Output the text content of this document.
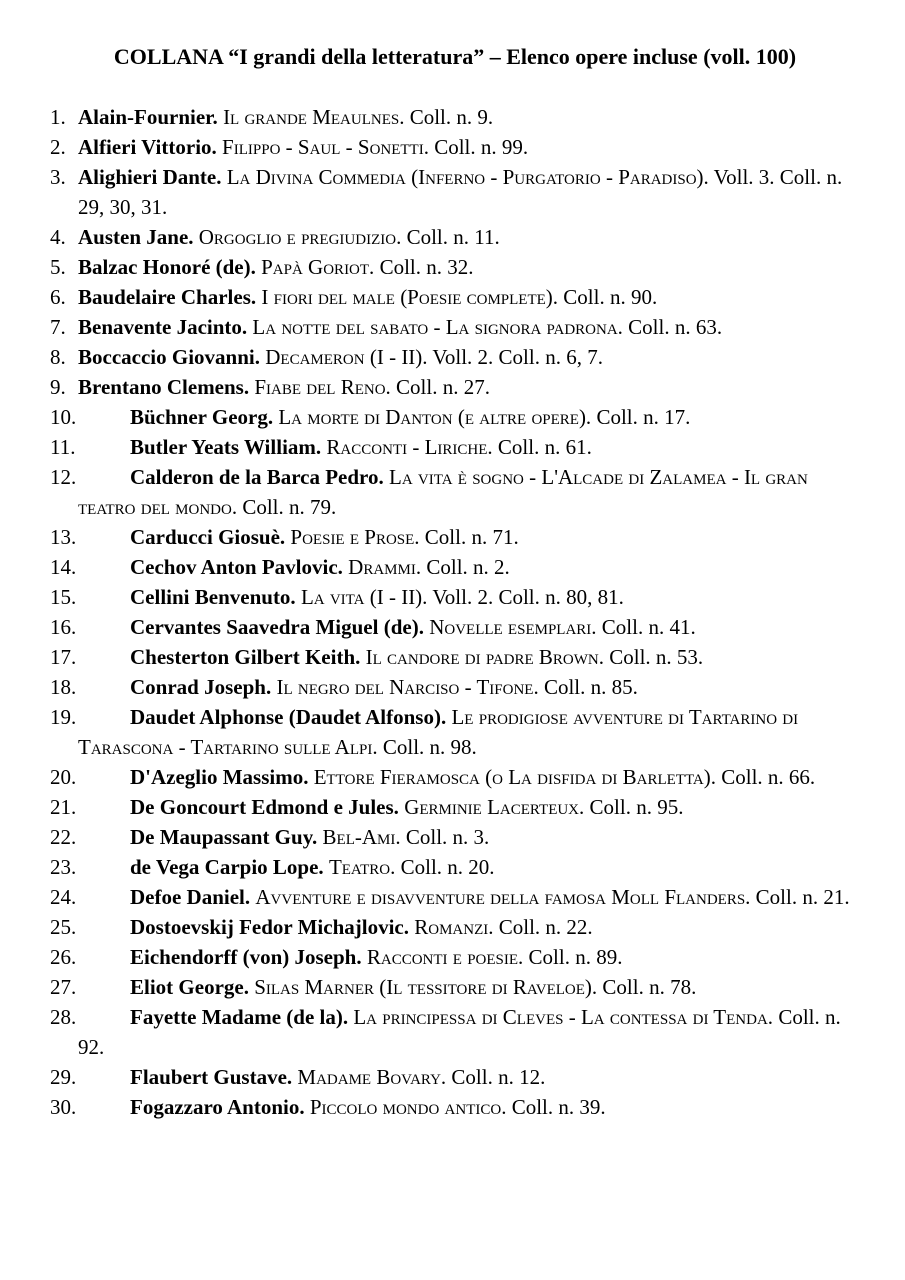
COLLANA “I grandi della letteratura” – Elenco opere incluse (voll. 100)
1. Alain-Fournier. Il grande Meaulnes. Coll. n. 9.
2. Alfieri Vittorio. Filippo - Saul - Sonetti. Coll. n. 99.
3. Alighieri Dante. La Divina Commedia (Inferno - Purgatorio - Paradiso). Voll. 3. Coll. n. 29, 30, 31.
4. Austen Jane. Orgoglio e pregiudizio. Coll. n. 11.
5. Balzac Honoré (de). Papà Goriot. Coll. n. 32.
6. Baudelaire Charles. I fiori del male (Poesie complete). Coll. n. 90.
7. Benavente Jacinto. La notte del sabato - La signora padrona. Coll. n. 63.
8. Boccaccio Giovanni. Decameron (I - II). Voll. 2. Coll. n. 6, 7.
9. Brentano Clemens. Fiabe del Reno. Coll. n. 27.
10.	Büchner Georg. La morte di Danton (e altre opere). Coll. n. 17.
11.	Butler Yeats William. Racconti - Liriche. Coll. n. 61.
12.	Calderon de la Barca Pedro. La vita è sogno - L'Alcade di Zalamea - Il gran teatro del mondo. Coll. n. 79.
13.	Carducci Giosuè. Poesie e Prose. Coll. n. 71.
14.	Cechov Anton Pavlovic. Drammi. Coll. n. 2.
15.	Cellini Benvenuto. La vita (I - II). Voll. 2. Coll. n. 80, 81.
16.	Cervantes Saavedra Miguel (de). Novelle esemplari. Coll. n. 41.
17.	Chesterton Gilbert Keith. Il candore di padre Brown. Coll. n. 53.
18.	Conrad Joseph. Il negro del Narciso - Tifone. Coll. n. 85.
19.	Daudet Alphonse (Daudet Alfonso). Le prodigiose avventure di Tartarino di Tarascona - Tartarino sulle Alpi. Coll. n. 98.
20.	D'Azeglio Massimo. Ettore Fieramosca (o La disfida di Barletta). Coll. n. 66.
21.	De Goncourt Edmond e Jules. Germinie Lacerteux. Coll. n. 95.
22.	De Maupassant Guy. Bel-Ami. Coll. n. 3.
23.	de Vega Carpio Lope. Teatro. Coll. n. 20.
24.	Defoe Daniel. Avventure e disavventure della famosa Moll Flanders. Coll. n. 21.
25.	Dostoevskij Fedor Michajlovic. Romanzi. Coll. n. 22.
26.	Eichendorff (von) Joseph. Racconti e poesie. Coll. n. 89.
27.	Eliot George. Silas Marner (Il tessitore di Raveloe). Coll. n. 78.
28.	Fayette Madame (de la). La principessa di Cleves - La contessa di Tenda. Coll. n. 92.
29.	Flaubert Gustave. Madame Bovary. Coll. n. 12.
30.	Fogazzaro Antonio. Piccolo mondo antico. Coll. n. 39.
